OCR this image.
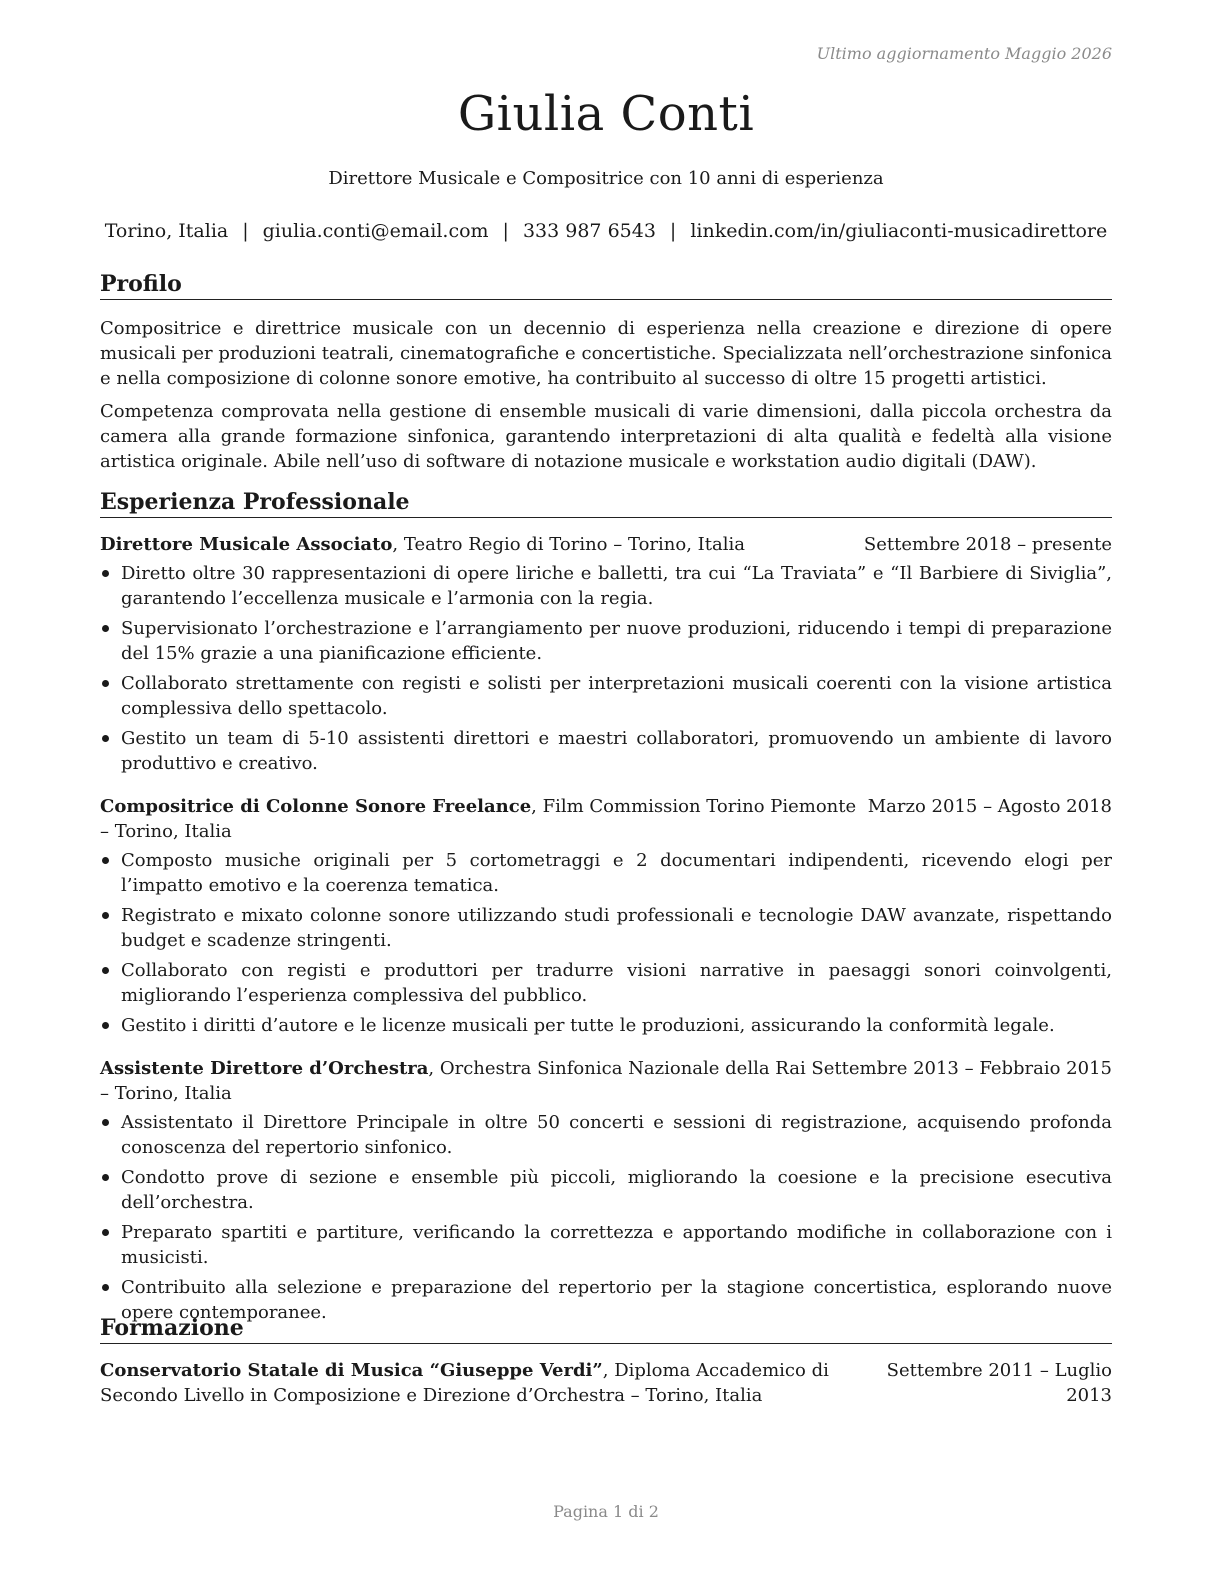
Ultimo aggiornamento Maggio 2026
Giulia Conti
Direttore Musicale e Compositrice con 10 anni di esperienza
Torino, Italia | giulia.conti@email.com | 333 987 6543 | linkedin.com/in/giuliaconti-musicadirettore
Profilo

Compositrice e direttrice musicale con un decennio di esperienza nella creazione e direzione di opere musicali per produzioni teatrali, cinematografiche e concertistiche. Specializzata nell’orchestrazione sinfonica e nella composizione di colonne sonore emotive, ha contribuito al successo di oltre 15 progetti artistici.

Competenza comprovata nella gestione di ensemble musicali di varie dimensioni, dalla piccola orchestra da camera alla grande formazione sinfonica, garantendo interpretazioni di alta qualità e fedeltà alla visione artistica originale. Abile nell’uso di software di notazione musicale e workstation audio digitali (DAW).

Esperienza Professionale
Settembre 2018 – presente
Direttore Musicale Associato, Teatro Regio di Torino – Torino, Italia
Diretto oltre 30 rappresentazioni di opere liriche e balletti, tra cui “La Traviata” e “Il Barbiere di Siviglia”, garantendo l’eccellenza musicale e l’armonia con la regia.
Supervisionato l’orchestrazione e l’arrangiamento per nuove produzioni, riducendo i tempi di preparazione del 15% grazie a una pianificazione efficiente.
Collaborato strettamente con registi e solisti per interpretazioni musicali coerenti con la visione artistica complessiva dello spettacolo.
Gestito un team di 5-10 assistenti direttori e maestri collaboratori, promuovendo un ambiente di lavoro produttivo e creativo.
Marzo 2015 – Agosto 2018
Compositrice di Colonne Sonore Freelance, Film Commission Torino Piemonte – Torino, Italia
Composto musiche originali per 5 cortometraggi e 2 documentari indipendenti, ricevendo elogi per l’impatto emotivo e la coerenza tematica.
Registrato e mixato colonne sonore utilizzando studi professionali e tecnologie DAW avanzate, rispettando budget e scadenze stringenti.
Collaborato con registi e produttori per tradurre visioni narrative in paesaggi sonori coinvolgenti, migliorando l’esperienza complessiva del pubblico.
Gestito i diritti d’autore e le licenze musicali per tutte le produzioni, assicurando la conformità legale.
Settembre 2013 – Febbraio 2015
Assistente Direttore d’Orchestra, Orchestra Sinfonica Nazionale della Rai – Torino, Italia
Assistentato il Direttore Principale in oltre 50 concerti e sessioni di registrazione, acquisendo profonda conoscenza del repertorio sinfonico.
Condotto prove di sezione e ensemble più piccoli, migliorando la coesione e la precisione esecutiva dell’orchestra.
Preparato spartiti e partiture, verificando la correttezza e apportando modifiche in collaborazione con i musicisti.
Contribuito alla selezione e preparazione del repertorio per la stagione concertistica, esplorando nuove opere contemporanee.
Formazione
Settembre 2011 – Luglio 2013
Conservatorio Statale di Musica “Giuseppe Verdi”, Diploma Accademico di Secondo Livello in Composizione e Direzione d’Orchestra – Torino, Italia
Pagina 1 di 2
